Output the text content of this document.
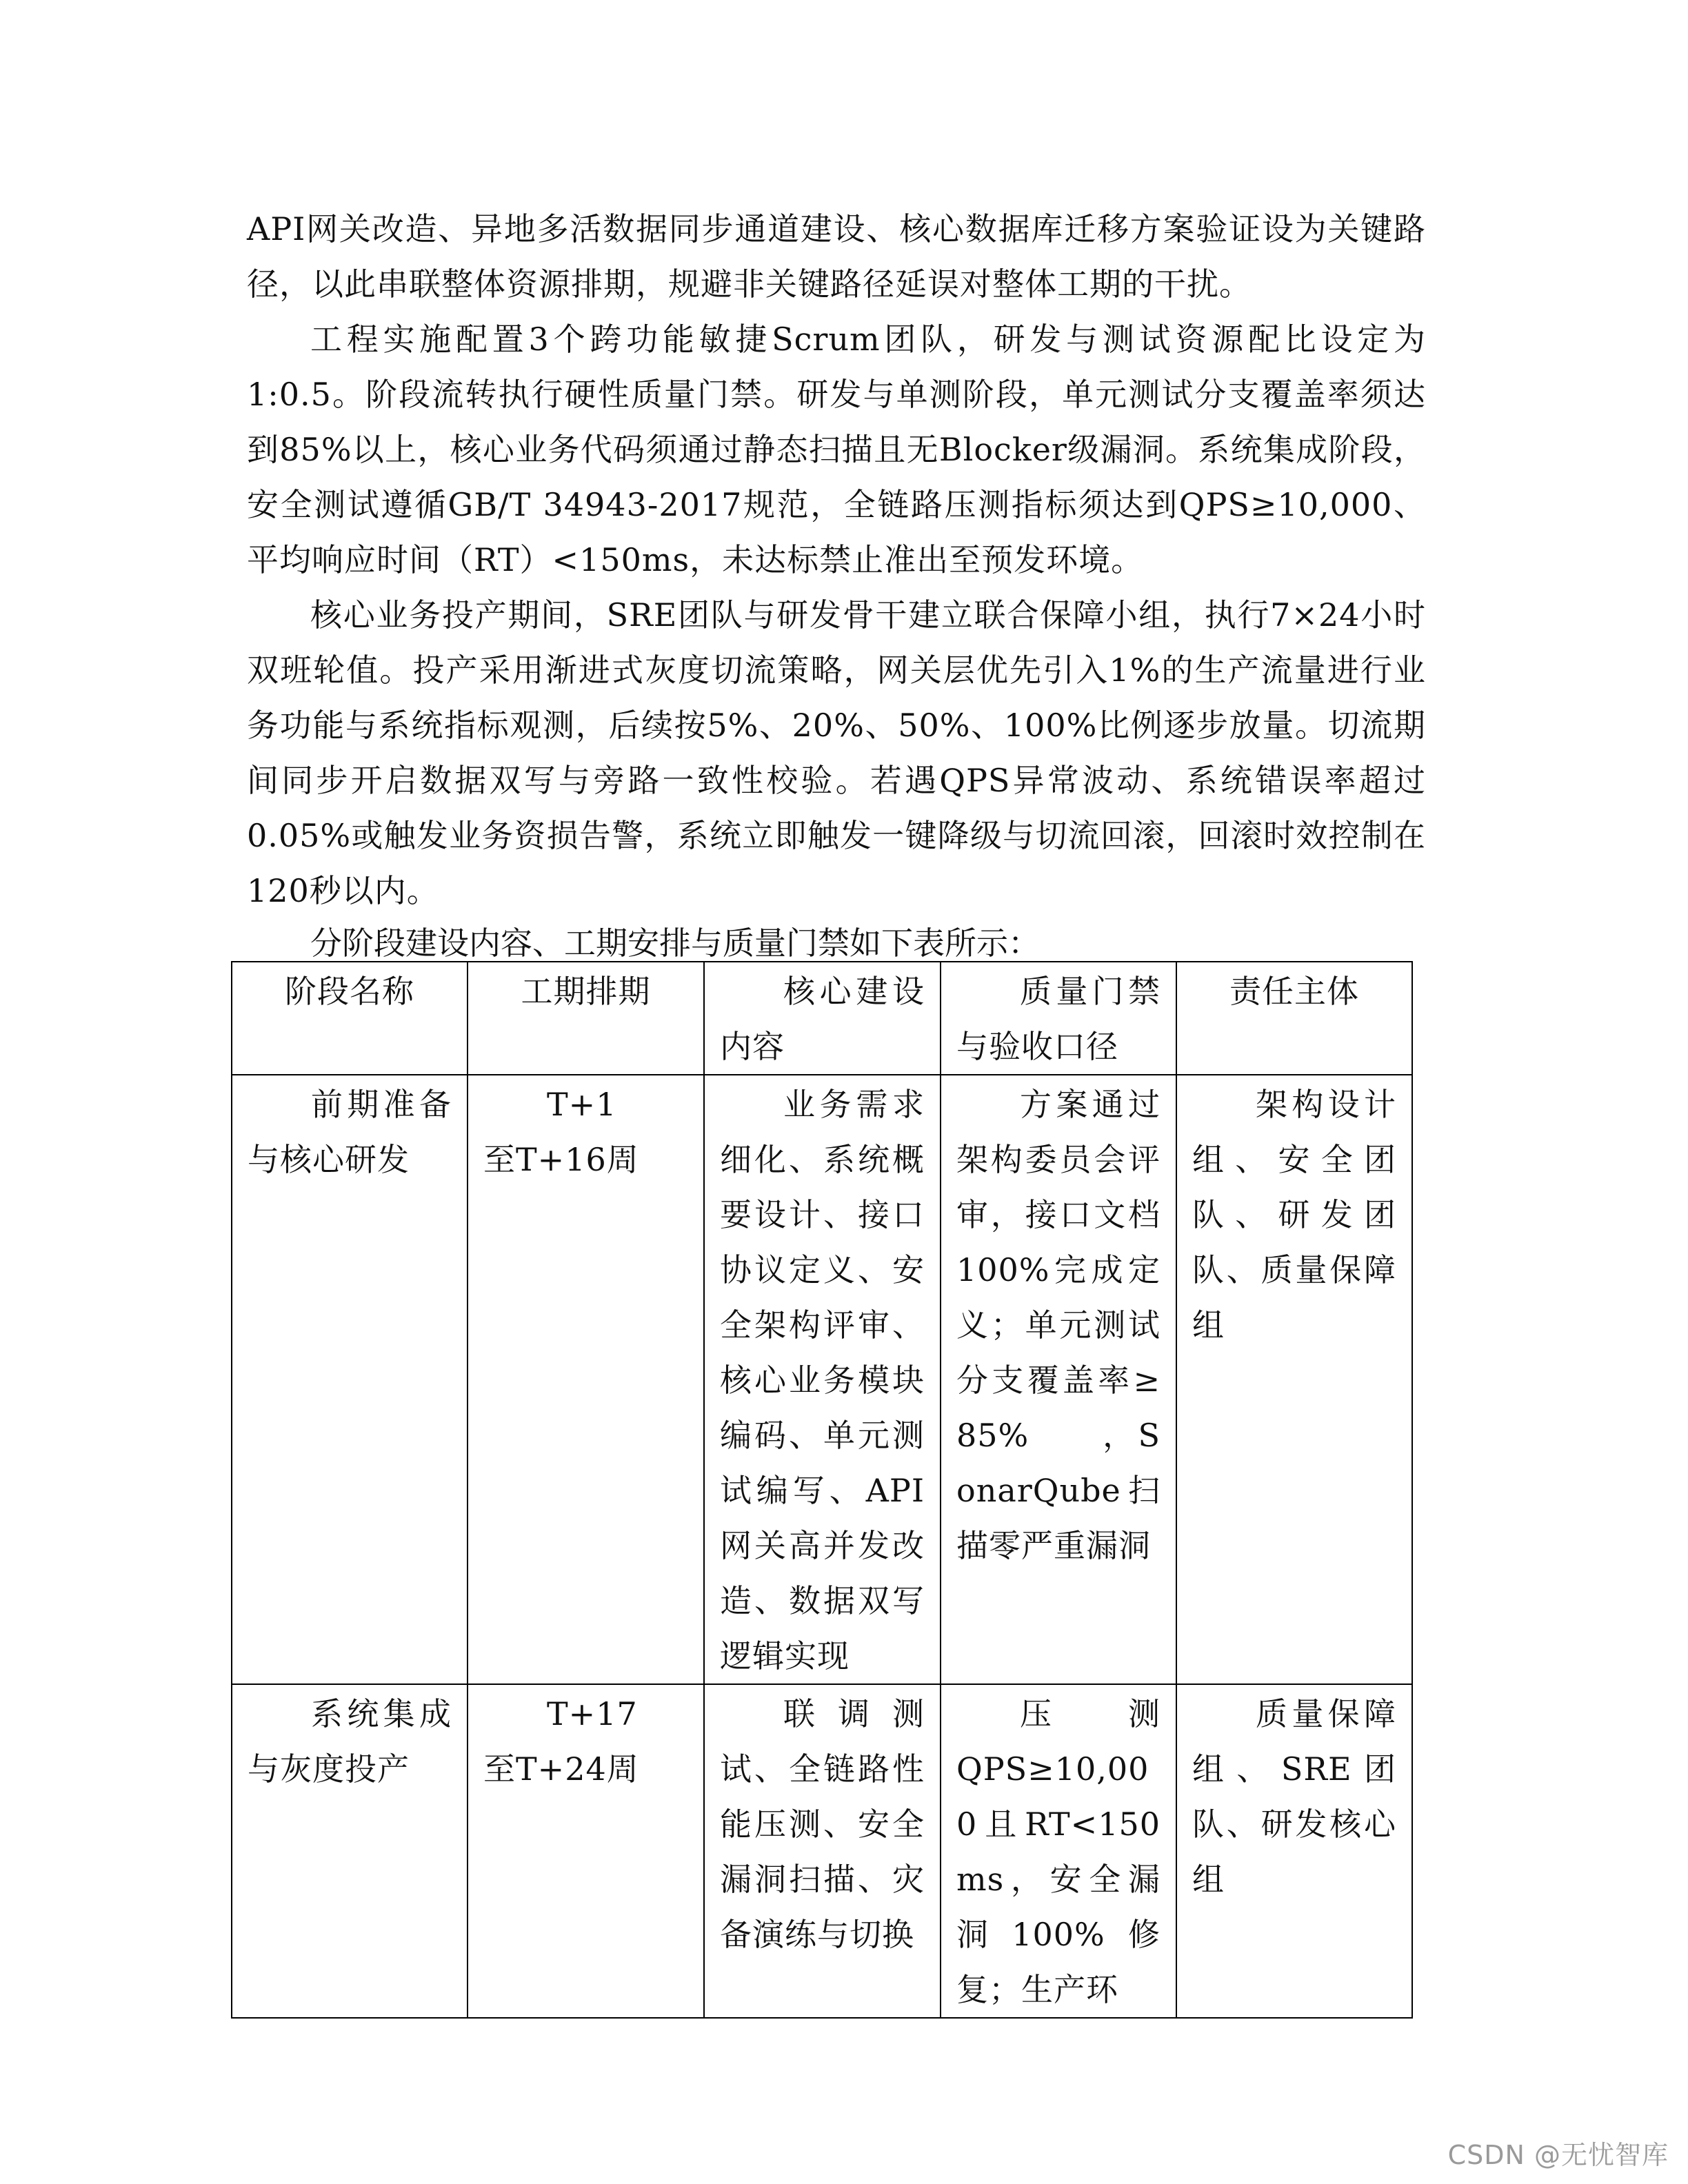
API网关改造、异地多活数据同步通道建设、核心数据库迁移方案验证设为关键路径，以此串联整体资源排期，规避非关键路径延误对整体工期的干扰。

工程实施配置3个跨功能敏捷Scrum团队，研发与测试资源配比设定为1:0.5。阶段流转执行硬性质量门禁。研发与单测阶段，单元测试分支覆盖率须达到85%以上，核心业务代码须通过静态扫描且无Blocker级漏洞。系统集成阶段，安全测试遵循GB/T 34943-2017规范，全链路压测指标须达到QPS≥10,000、平均响应时间（RT）<150ms，未达标禁止准出至预发环境。

核心业务投产期间，SRE团队与研发骨干建立联合保障小组，执行7×24小时双班轮值。投产采用渐进式灰度切流策略，网关层优先引入1%的生产流量进行业务功能与系统指标观测，后续按5%、20%、50%、100%比例逐步放量。切流期间同步开启数据双写与旁路一致性校验。若遇QPS异常波动、系统错误率超过0.05%或触发业务资损告警，系统立即触发一键降级与切流回滚，回滚时效控制在120秒以内。

分阶段建设内容、工期安排与质量门禁如下表所示：
阶段名称	工期排期	核心建设内容	质量门禁与验收口径	责任主体
前期准备与核心研发	T+1　　至T+16周	业务需求细化、系统概要设计、接口协议定义、安全架构评审、核心业务模块编码、单元测试编写、API网关高并发改造、数据双写逻辑实现	方案通过架构委员会评审，接口文档100%完成定义；单元测试分支覆盖率≥85%　　，SonarQube扫描零严重漏洞	架构设计组、安全团队、研发团队、质量保障组
系统集成与灰度投产	T+17　至T+24周	联调测试、全链路性能压测、安全漏洞扫描、灾备演练与切换	压　　测QPS≥10,000且RT<150ms，安全漏洞100%修复；生产环	质量保障组、SRE团队、研发核心组
CSDN @无忧智库
